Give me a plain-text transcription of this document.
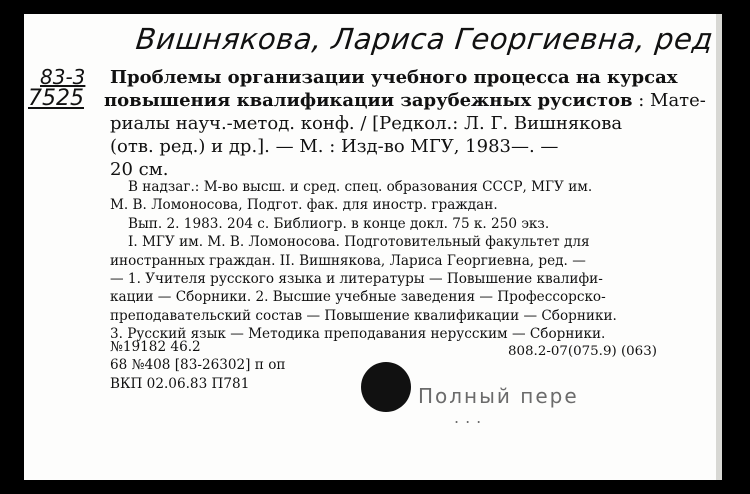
Вишнякова, Лариса Георгиевна, ред
83-3
7525
Проблемы организации учебного процесса на курсах
повышения квалификации зарубежных русистов : Мате-
риалы науч.-метод. конф. / [Редкол.: Л. Г. Вишнякова
(отв. ред.) и др.]. — М. : Изд-во МГУ, 1983—. —
20 см.
В надзаг.: М-во высш. и сред. спец. образования СССР, МГУ им.
М. В. Ломоносова, Подгот. фак. для иностр. граждан.
Вып. 2. 1983. 204 с. Библиогр. в конце докл. 75 к. 250 экз.
I. МГУ им. М. В. Ломоносова. Подготовительный факультет для
иностранных граждан. II. Вишнякова, Лариса Георгиевна, ред. —
— 1. Учителя русского языка и литературы — Повышение квалифи-
кации — Сборники. 2. Высшие учебные заведения — Профессорско-
преподавательский состав — Повышение квалификации — Сборники.
3. Русский язык — Методика преподавания нерусским — Сборники.
808.2-07(075.9) (063)
№19182 46.2
68 №408 [83-26302] п оп
ВКП 02.06.83 П781
Полный пере
...
